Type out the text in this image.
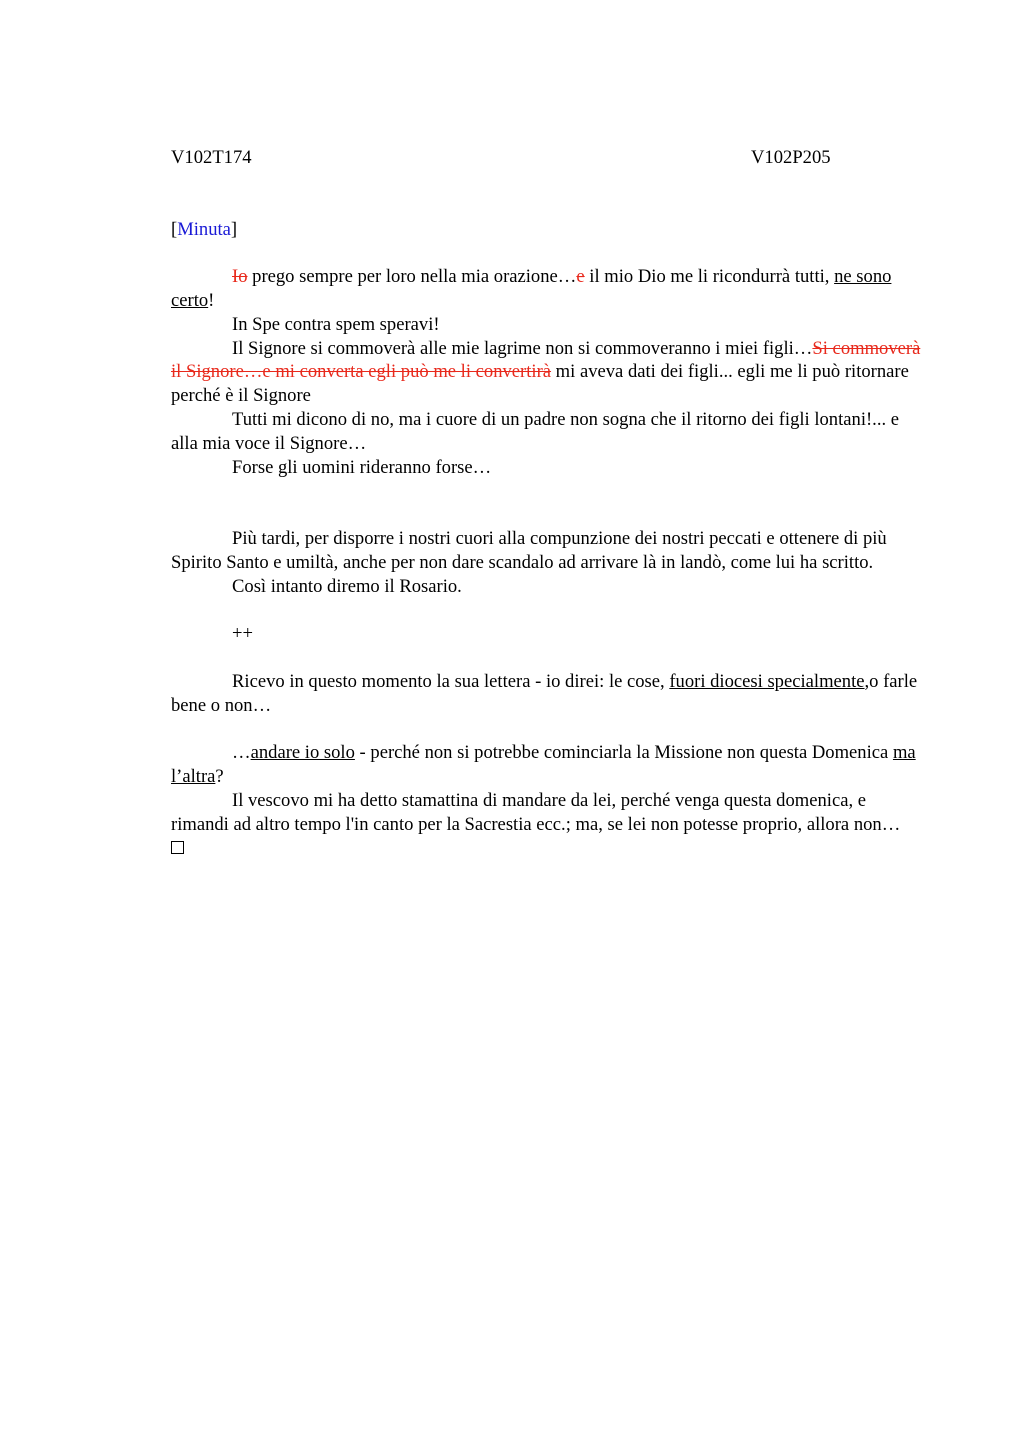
V102T174	V102P205

[Minuta]

Io prego sempre per loro nella mia orazione…e il mio Dio me li ricondurrà tutti, ne sono certo!

In Spe contra spem speravi!

Il Signore si commoverà alle mie lagrime non si commoveranno i miei figli…Si commoverà il Signore…e mi converta egli può me li convertirà mi aveva dati dei figli... egli me li può ritornare perché è il Signore

Tutti mi dicono di no, ma i cuore di un padre non sogna che il ritorno dei figli lontani!... e alla mia voce il Signore…

Forse gli uomini rideranno forse…

Più tardi, per disporre i nostri cuori alla compunzione dei nostri peccati e ottenere di più Spirito Santo e umiltà, anche per non dare scandalo ad arrivare là in landò, come lui ha scritto.

Così intanto diremo il Rosario.

++

Ricevo in questo momento la sua lettera - io direi: le cose, fuori diocesi specialmente,o farle bene o non…

…andare io solo - perché non si potrebbe cominciarla la Missione non questa Domenica ma l’altra?

Il vescovo mi ha detto stamattina di mandare da lei, perché venga questa domenica, e rimandi ad altro tempo l'in canto per la Sacrestia ecc.; ma, se lei non potesse proprio, allora non…
